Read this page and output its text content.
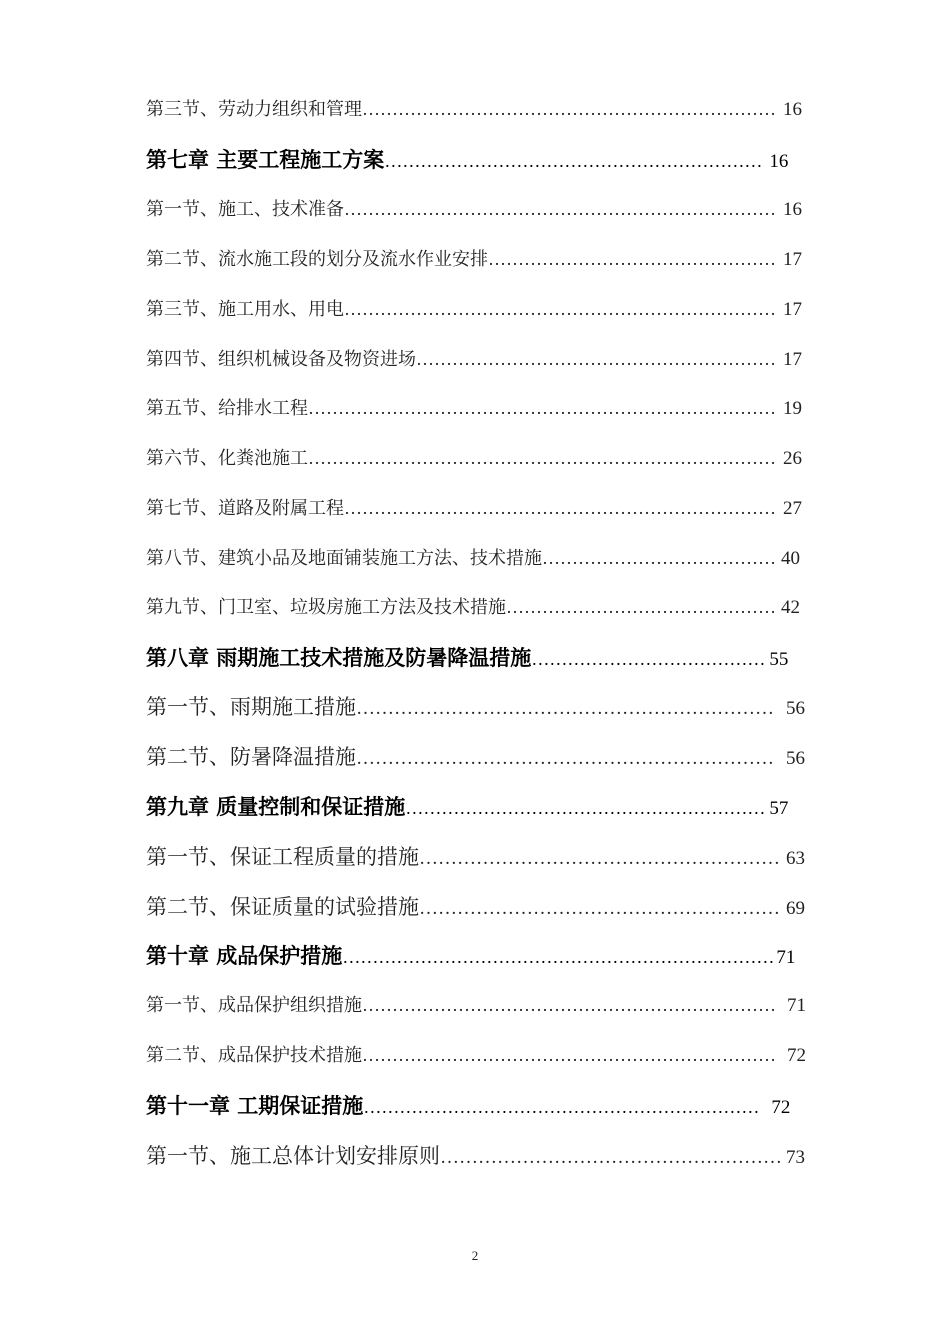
第三节、劳动力组织和管理 …………………………………………………………… 16
第七章 主要工程施工方案 ……………………………………………………… 16
第一节、施工、技术准备 ……………………………………………………………… 16
第二节、流水施工段的划分及流水作业安排 ………………………………………… 17
第三节、施工用水、用电 ……………………………………………………………… 17
第四节、组织机械设备及物资进场 …………………………………………………… 17
第五节、给排水工程 …………………………………………………………………… 19
第六节、化粪池施工 …………………………………………………………………… 26
第七节、道路及附属工程 ……………………………………………………………… 27
第八节、建筑小品及地面铺装施工方法、技术措施 ………………………………… 40
第九节、门卫室、垃圾房施工方法及技术措施 ……………………………………… 42
第八章 雨期施工技术措施及防暑降温措施 ………………………………… 55
第一节、雨期施工措施 ………………………………………………………… 56
第二节、防暑降温措施 ………………………………………………………… 56
第九章 质量控制和保证措施 …………………………………………………… 57
第一节、保证工程质量的措施 ………………………………………………… 63
第二节、保证质量的试验措施 ………………………………………………… 69
第十章 成品保护措施 ……………………………………………………………… 71
第一节、成品保护组织措施 …………………………………………………………… 71
第二节、成品保护技术措施 …………………………………………………………… 72
第十一章 工期保证措施 ………………………………………………………… 72
第一节、施工总体计划安排原则 ……………………………………………… 73
2
